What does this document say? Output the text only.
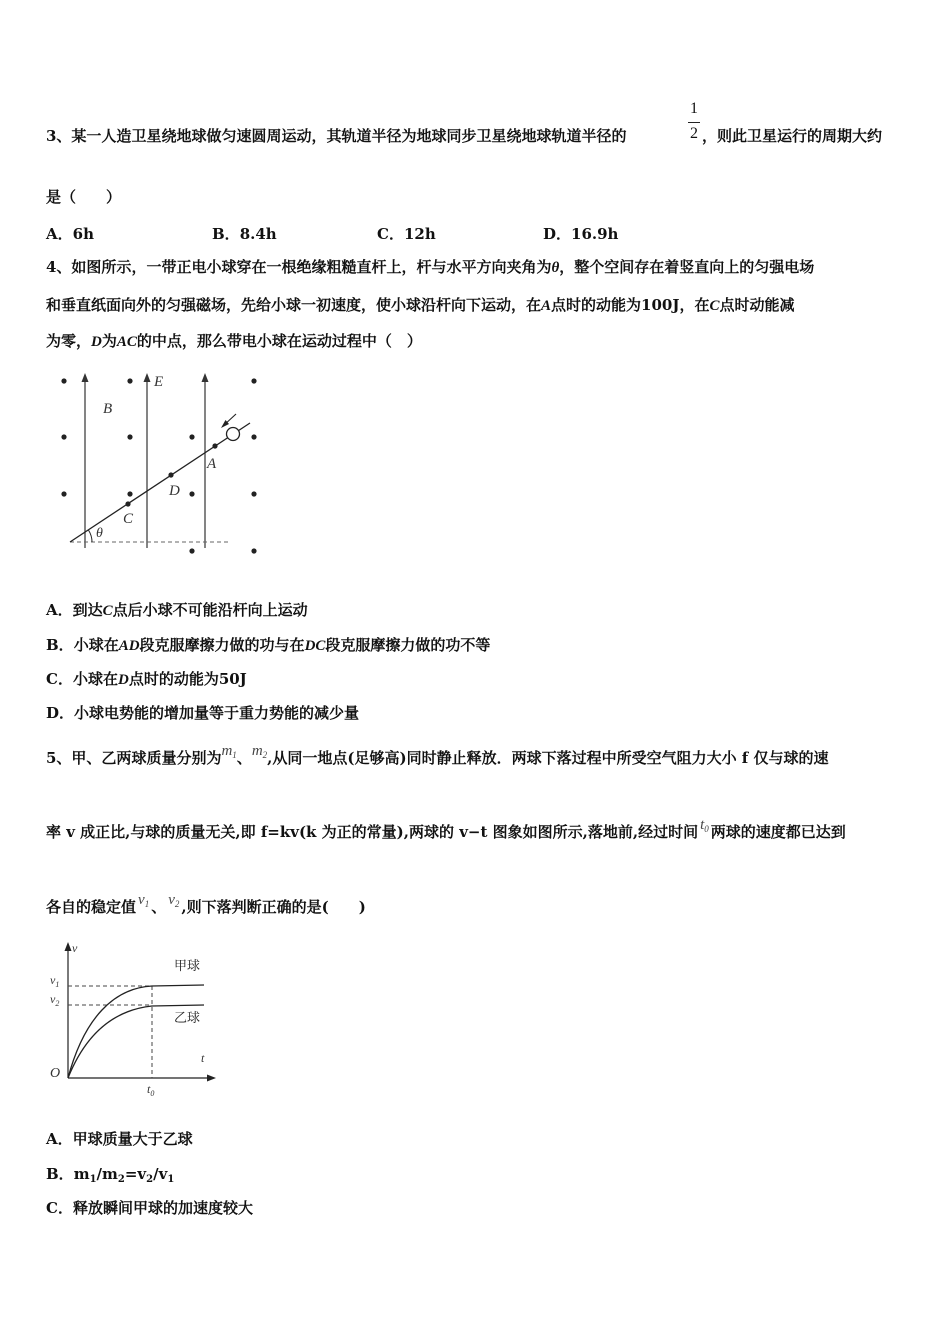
3、某一人造卫星绕地球做匀速圆周运动，其轨道半径为地球同步卫星绕地球轨道半径的
1
2 ，则此卫星运行的周期大约
是（　　）
A．6h	B．8.4h	C．12h	D．16.9h
4、如图所示，一带正电小球穿在一根绝缘粗糙直杆上，杆与水平方向夹角为θ，整个空间存在着竖直向上的匀强电场
和垂直纸面向外的匀强磁场，先给小球一初速度，使小球沿杆向下运动，在A点时的动能为100J，在C点时动能减
为零，D为AC的中点，那么带电小球在运动过程中（　）
B
E
A
D
C
θ
A．到达C点后小球不可能沿杆向上运动
B．小球在AD段克服摩擦力做的功与在DC段克服摩擦力做的功不等
C．小球在D点时的动能为50J
D．小球电势能的增加量等于重力势能的减少量
5、甲、乙两球质量分别为$m_1$、$m_2$,从同一地点(足够高)同时静止释放．两球下落过程中所受空气阻力大小 f 仅与球的速
率 v 成正比,与球的质量无关,即 f=kv(k 为正的常量),两球的 v−t 图象如图所示,落地前,经过时间 $t_0$ 两球的速度都已达到
各自的稳定值 $v_1$ 、 $v_2$ ,则下落判断正确的是(　　)
v
t
O
$v_1$
$v_2$
$t_0$
甲球
乙球
A．甲球质量大于乙球
B．$m_1/m_2=v_2/v_1$
C．释放瞬间甲球的加速度较大
